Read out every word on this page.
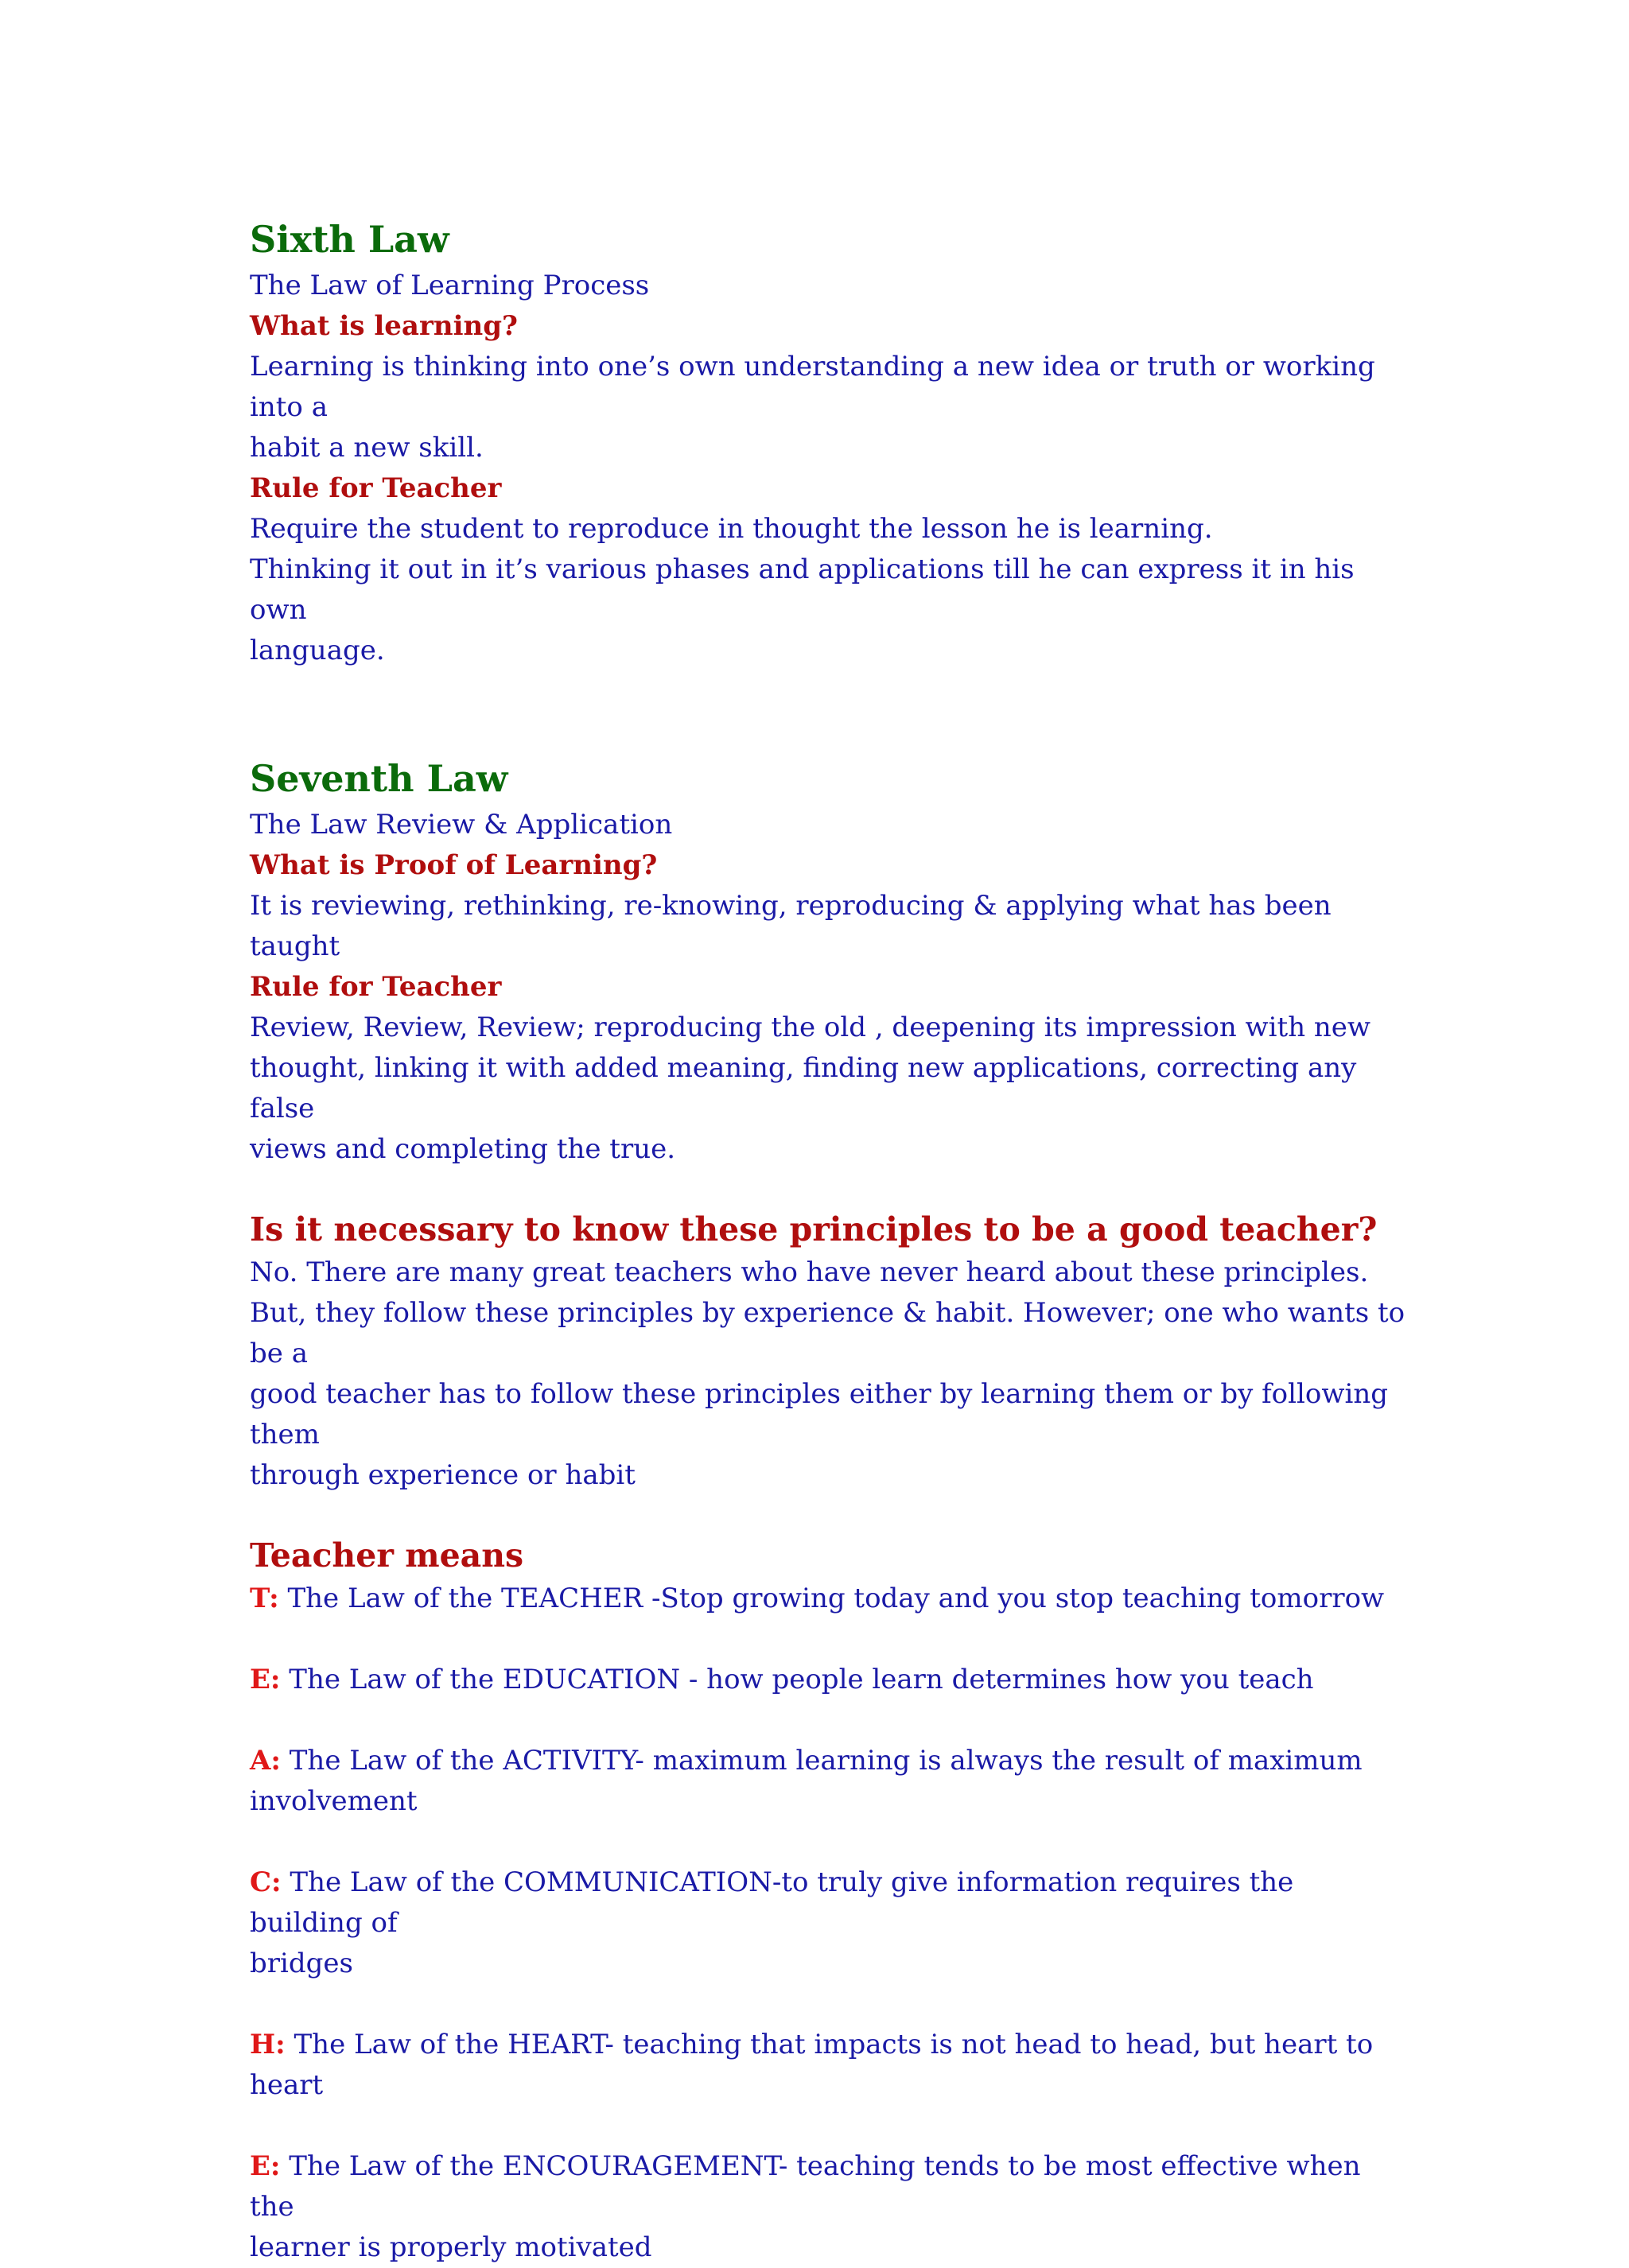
Sixth Law

The Law of Learning Process

What is learning?

Learning is thinking into one’s own understanding a new idea or truth or working into a

habit a new skill.

Rule for Teacher

Require the student to reproduce in thought the lesson he is learning.

Thinking it out in it’s various phases and applications till he can express it in his own

language.

Seventh Law

The Law Review & Application

What is Proof of Learning?

It is reviewing, rethinking, re-knowing, reproducing & applying what has been taught

Rule for Teacher

Review, Review, Review; reproducing the old , deepening its impression with new

thought, linking it with added meaning, finding new applications, correcting any false

views and completing the true.

Is it necessary to know these principles to be a good teacher?

No. There are many great teachers who have never heard about these principles.

But, they follow these principles by experience & habit. However; one who wants to be a

good teacher has to follow these principles either by learning them or by following them

through experience or habit

Teacher means

T: The Law of the TEACHER -Stop growing today and you stop teaching tomorrow

E: The Law of the EDUCATION - how people learn determines how you teach

A: The Law of the ACTIVITY- maximum learning is always the result of maximum

involvement

C: The Law of the COMMUNICATION-to truly give information requires the building of

bridges

H: The Law of the HEART- teaching that impacts is not head to head, but heart to heart

E: The Law of the ENCOURAGEMENT- teaching tends to be most effective when the

learner is properly motivated
